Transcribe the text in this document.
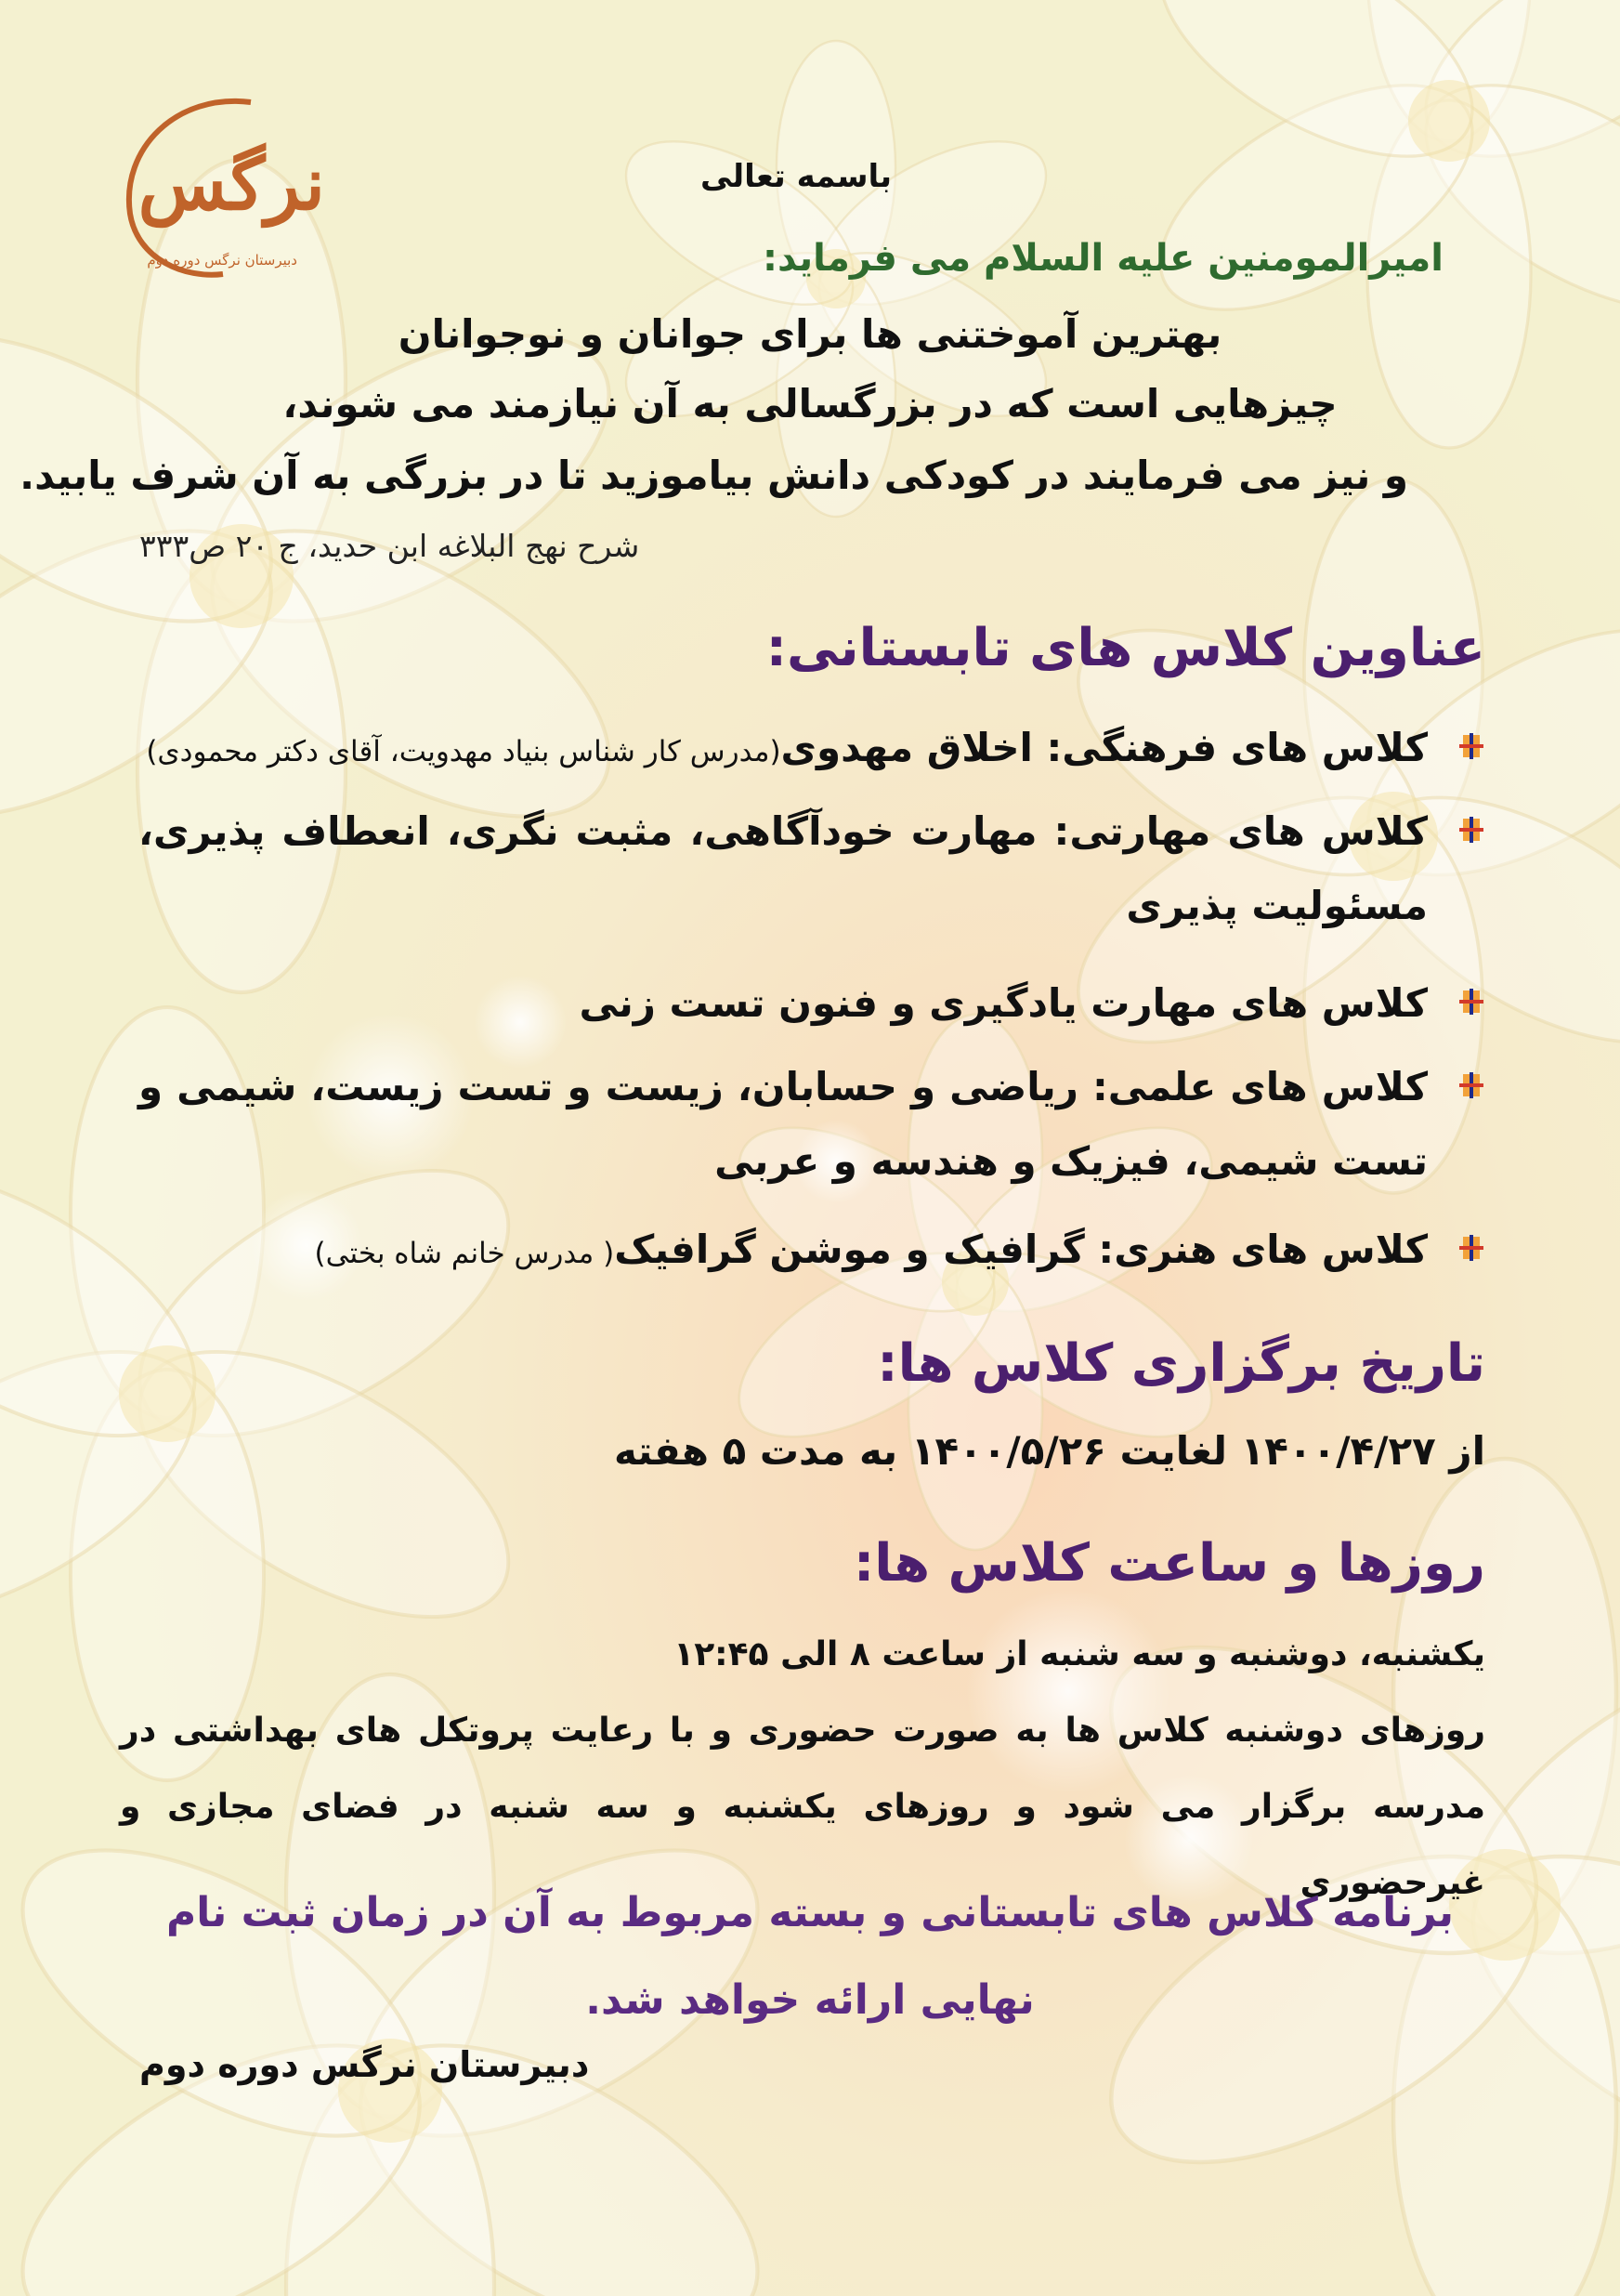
نرگس
دبیرستان نرگس دوره دوم

باسمه تعالی

امیرالمومنین علیه السلام می فرماید:

بهترین آموختنی ها برای جوانان و نوجوانان

چیزهایی است که در بزرگسالی به آن نیازمند می شوند،

و نیز می فرمایند در کودکی دانش بیاموزید تا در بزرگی به آن شرف یابید.

شرح نهج البلاغه ابن حدید، ج ۲۰ ص۳۳۳

عناوین کلاس های تابستانی:
کلاس های فرهنگی: اخلاق مهدوی(مدرس کار شناس بنیاد مهدویت، آقای دکتر محمودی)
کلاس های مهارتی: مهارت خودآگاهی، مثبت نگری، انعطاف پذیری، مسئولیت پذیری
کلاس های مهارت یادگیری و فنون تست زنی
کلاس های علمی: ریاضی و حسابان، زیست و تست زیست، شیمی و تست شیمی، فیزیک و هندسه و عربی
کلاس های هنری: گرافیک و موشن گرافیک( مدرس خانم شاه بختی)
تاریخ برگزاری کلاس ها:

از ۱۴۰۰/۴/۲۷ لغایت ۱۴۰۰/۵/۲۶ به مدت ۵ هفته

روزها و ساعت کلاس ها:

یکشنبه، دوشنبه و سه شنبه از ساعت ۸ الی ۱۲:۴۵
روزهای دوشنبه کلاس ها به صورت حضوری و با رعایت پروتکل های بهداشتی در مدرسه برگزار می شود و روزهای یکشنبه و سه شنبه در فضای مجازی و غیرحضوری

برنامه کلاس های تابستانی و بسته مربوط به آن در زمان ثبت نام نهایی ارائه خواهد شد.

دبیرستان نرگس دوره دوم
